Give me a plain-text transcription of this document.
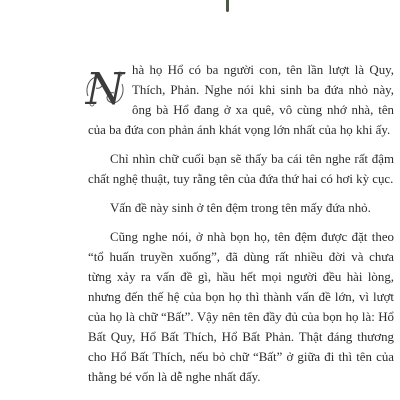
N hà họ Hổ có ba người con, tên lần lượt là Quy, Thích, Phản. Nghe nói khi sinh ba đứa nhỏ này, ông bà Hổ đang ở xa quê, vô cùng nhớ nhà, tên của ba đứa con phản ánh khát vọng lớn nhất của họ khi ấy.

Chỉ nhìn chữ cuối bạn sẽ thấy ba cái tên nghe rất đậm chất nghệ thuật, tuy rằng tên của đứa thứ hai có hơi kỳ cục.

Vấn đề này sinh ở tên đệm trong tên mấy đứa nhỏ.

Cũng nghe nói, ở nhà bọn họ, tên đệm được đặt theo “tổ huấn truyền xuống”, đã dùng rất nhiều đời và chưa từng xảy ra vấn đề gì, hầu hết mọi người đều hài lòng, nhưng đến thế hệ của bọn họ thì thành vấn đề lớn, vì lượt của họ là chữ “Bất”. Vậy nên tên đầy đủ của bọn họ là: Hổ Bất Quy, Hổ Bất Thích, Hổ Bất Phản. Thật đáng thương cho Hổ Bất Thích, nếu bỏ chữ “Bất” ở giữa đi thì tên của thằng bé vốn là dễ nghe nhất đấy.
